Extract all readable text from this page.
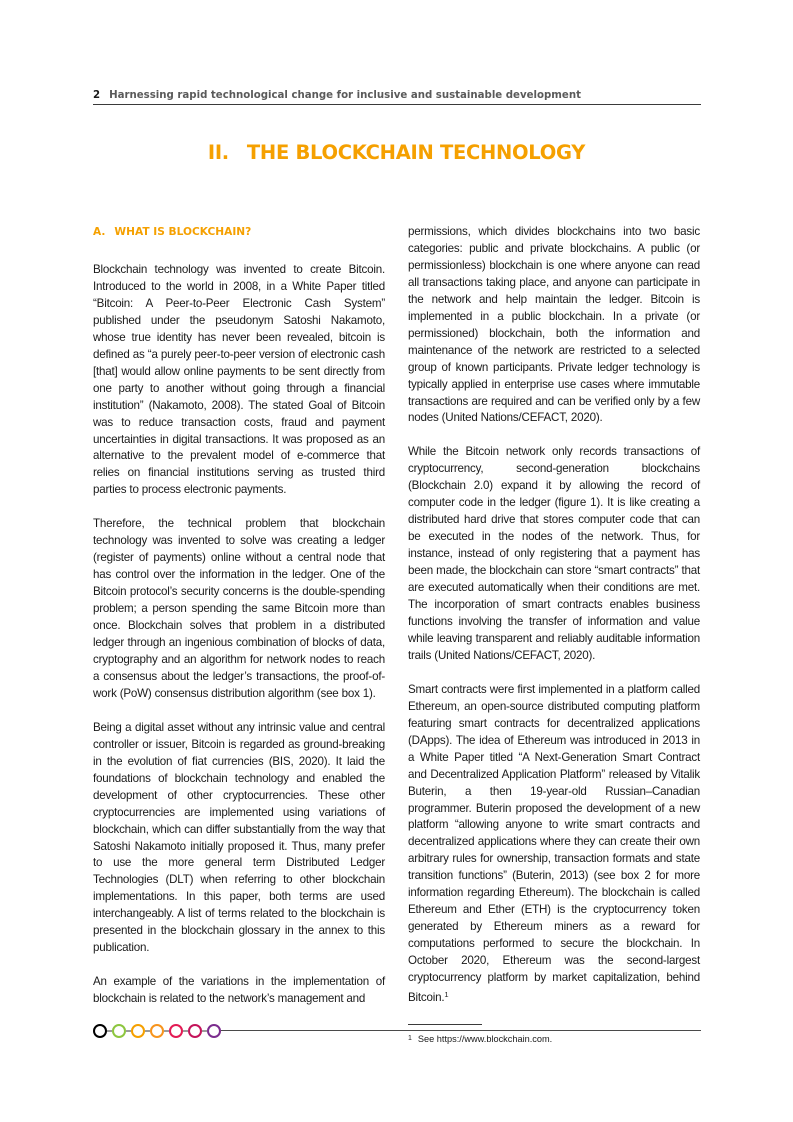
2 Harnessing rapid technological change for inclusive and sustainable development
II. THE BLOCKCHAIN TECHNOLOGY
A. WHAT IS BLOCKCHAIN?

Blockchain technology was invented to create Bitcoin. Introduced to the world in 2008, in a White Paper titled “Bitcoin: A Peer-to-Peer Electronic Cash System” published under the pseudonym Satoshi Nakamoto, whose true identity has never been revealed, bitcoin is defined as “a purely peer-to-peer version of electronic cash [that] would allow online payments to be sent directly from one party to another without going through a financial institution” (Nakamoto, 2008). The stated Goal of Bitcoin was to reduce transaction costs, fraud and payment uncertainties in digital transactions. It was proposed as an alternative to the prevalent model of e-commerce that relies on financial institutions serving as trusted third parties to process electronic payments.

Therefore, the technical problem that blockchain technology was invented to solve was creating a ledger (register of payments) online without a central node that has control over the information in the ledger. One of the Bitcoin protocol’s security concerns is the double-spending problem; a person spending the same Bitcoin more than once. Blockchain solves that problem in a distributed ledger through an ingenious combination of blocks of data, cryptography and an algorithm for network nodes to reach a consensus about the ledger’s transactions, the proof-of-work (PoW) consensus distribution algorithm (see box 1).

Being a digital asset without any intrinsic value and central controller or issuer, Bitcoin is regarded as ground-breaking in the evolution of fiat currencies (BIS, 2020). It laid the foundations of blockchain technology and enabled the development of other cryptocurrencies. These other cryptocurrencies are implemented using variations of blockchain, which can differ substantially from the way that Satoshi Nakamoto initially proposed it. Thus, many prefer to use the more general term Distributed Ledger Technologies (DLT) when referring to other blockchain implementations. In this paper, both terms are used interchangeably. A list of terms related to the blockchain is presented in the blockchain glossary in the annex to this publication.

An example of the variations in the implementation of blockchain is related to the network’s management and

permissions, which divides blockchains into two basic categories: public and private blockchains. A public (or permissionless) blockchain is one where anyone can read all transactions taking place, and anyone can participate in the network and help maintain the ledger. Bitcoin is implemented in a public blockchain. In a private (or permissioned) blockchain, both the information and maintenance of the network are restricted to a selected group of known participants. Private ledger technology is typically applied in enterprise use cases where immutable transactions are required and can be verified only by a few nodes (United Nations/CEFACT, 2020).

While the Bitcoin network only records transactions of cryptocurrency, second-generation blockchains (Blockchain 2.0) expand it by allowing the record of computer code in the ledger (figure 1). It is like creating a distributed hard drive that stores computer code that can be executed in the nodes of the network. Thus, for instance, instead of only registering that a payment has been made, the blockchain can store “smart contracts” that are executed automatically when their conditions are met. The incorporation of smart contracts enables business functions involving the transfer of information and value while leaving transparent and reliably auditable information trails (United Nations/CEFACT, 2020).

Smart contracts were first implemented in a platform called Ethereum, an open-source distributed computing platform featuring smart contracts for decentralized applications (DApps). The idea of Ethereum was introduced in 2013 in a White Paper titled “A Next-Generation Smart Contract and Decentralized Application Platform” released by Vitalik Buterin, a then 19-year-old Russian–Canadian programmer. Buterin proposed the development of a new platform “allowing anyone to write smart contracts and decentralized applications where they can create their own arbitrary rules for ownership, transaction formats and state transition functions” (Buterin, 2013) (see box 2 for more information regarding Ethereum). The blockchain is called Ethereum and Ether (ETH) is the cryptocurrency token generated by Ethereum miners as a reward for computations performed to secure the blockchain. In October 2020, Ethereum was the second-largest cryptocurrency platform by market capitalization, behind Bitcoin.$^1$

$^1$ See https://www.blockchain.com.
